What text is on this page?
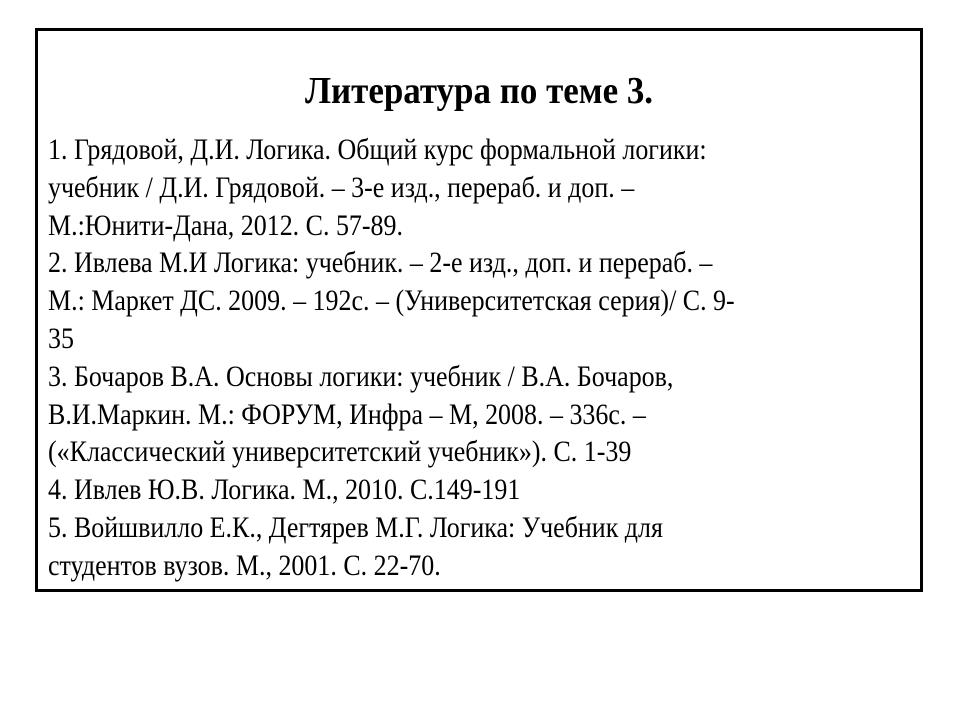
Литература по теме 3.
1. Грядовой, Д.И. Логика. Общий курс формальной логики:
учебник / Д.И. Грядовой. – 3-е изд., перераб. и доп. –
М.:Юнити-Дана, 2012. С. 57-89.
2. Ивлева М.И Логика: учебник. – 2-е изд., доп. и перераб. –
М.: Маркет ДС. 2009. – 192с. – (Университетская серия)/ С. 9-
35
3. Бочаров В.А. Основы логики: учебник / В.А. Бочаров,
В.И.Маркин. М.: ФОРУМ, Инфра – М, 2008. – 336с. –
(«Классический университетский учебник»). С. 1-39
4. Ивлев Ю.В. Логика. М., 2010. С.149-191
5. Войшвилло Е.К., Дегтярев М.Г. Логика: Учебник для
студентов вузов. М., 2001. С. 22-70.
